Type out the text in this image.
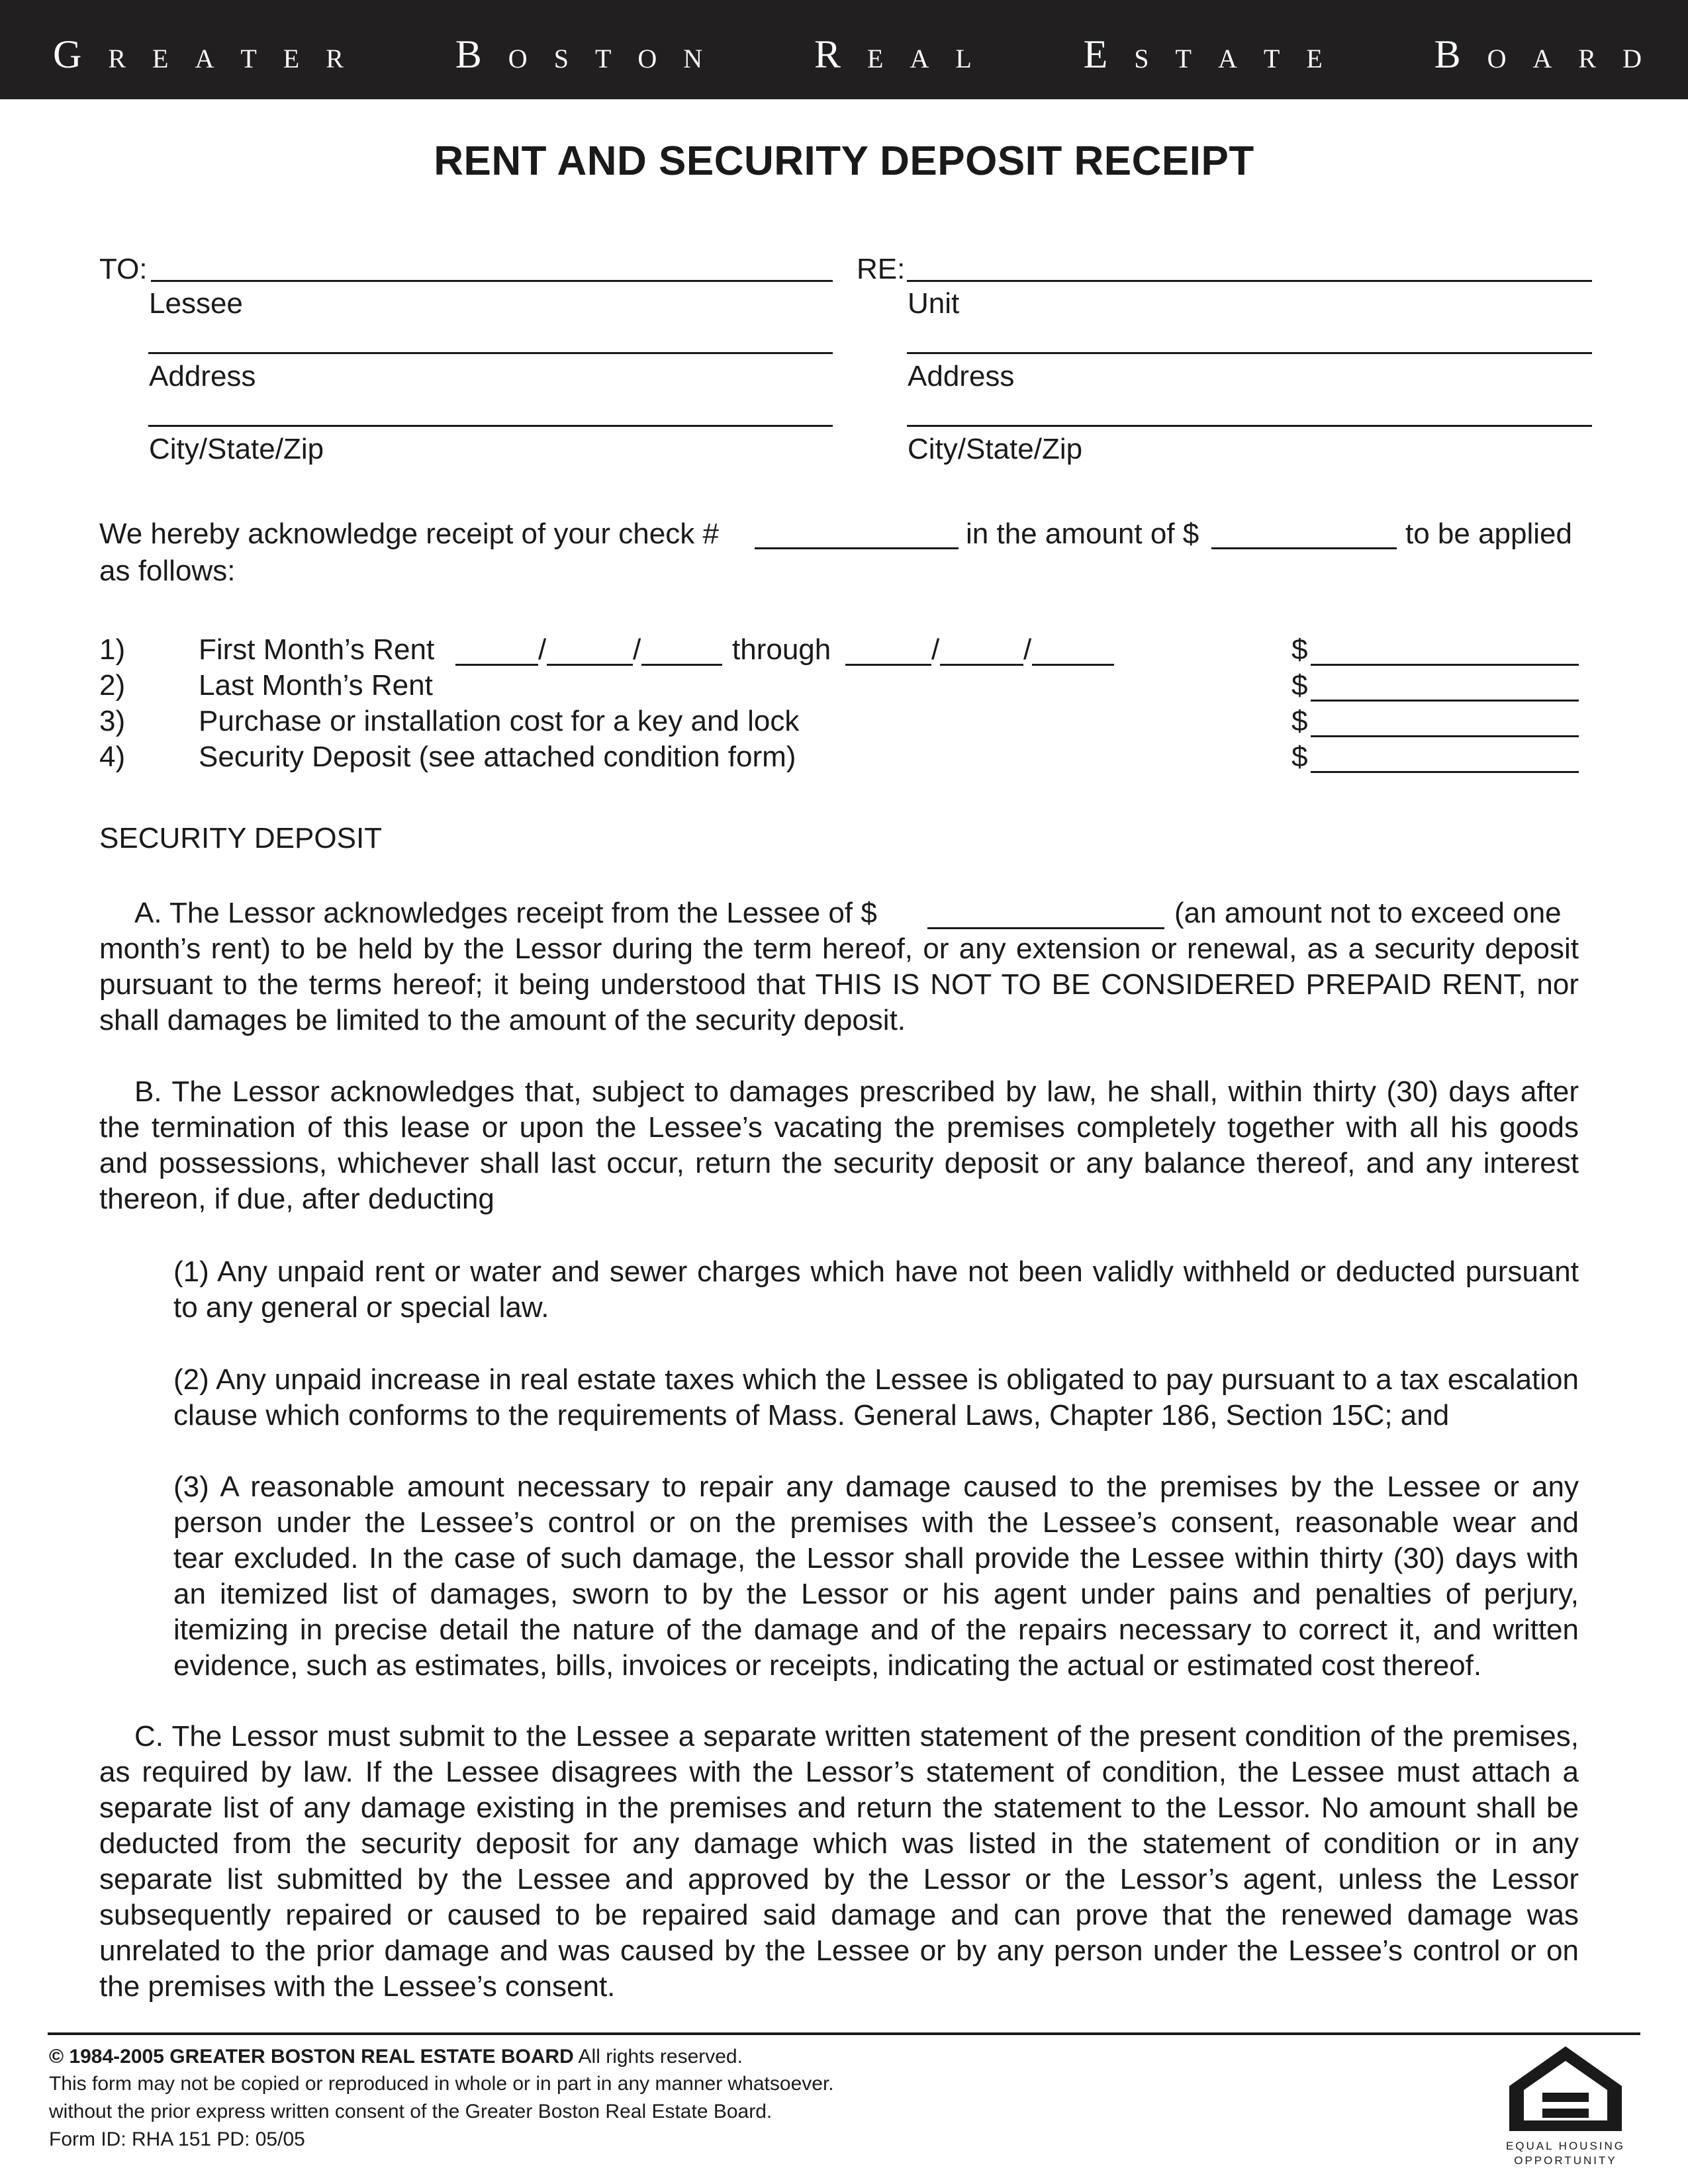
G R E A T E R	B O S T O N	R E A L	E S T A T E	B O A R D
RENT AND SECURITY DEPOSIT RECEIPT
TO:
Lessee
Address
City/State/Zip
RE:
Unit
Address
City/State/Zip
We hereby acknowledge receipt of your check #	in the amount of $	to be applied
as follows:
1)	First Month’s Rent	/	/	through	/	/	$
2)	Last Month’s Rent	$
3)	Purchase or installation cost for a key and lock	$
4)	Security Deposit (see attached condition form)	$
SECURITY DEPOSIT
A. The Lessor acknowledges receipt from the Lessee of $	(an amount not to exceed one
month’s rent) to be held by the Lessor during the term hereof, or any extension or renewal, as a security deposit
pursuant to the terms hereof; it being understood that THIS IS NOT TO BE CONSIDERED PREPAID RENT, nor
shall damages be limited to the amount of the security deposit.
B. The Lessor acknowledges that, subject to damages prescribed by law, he shall, within thirty (30) days after
the termination of this lease or upon the Lessee’s vacating the premises completely together with all his goods
and possessions, whichever shall last occur, return the security deposit or any balance thereof, and any interest
thereon, if due, after deducting
(1) Any unpaid rent or water and sewer charges which have not been validly withheld or deducted pursuant
to any general or special law.
(2) Any unpaid increase in real estate taxes which the Lessee is obligated to pay pursuant to a tax escalation
clause which conforms to the requirements of Mass. General Laws, Chapter 186, Section 15C; and
(3) A reasonable amount necessary to repair any damage caused to the premises by the Lessee or any
person under the Lessee’s control or on the premises with the Lessee’s consent, reasonable wear and
tear excluded. In the case of such damage, the Lessor shall provide the Lessee within thirty (30) days with
an itemized list of damages, sworn to by the Lessor or his agent under pains and penalties of perjury,
itemizing in precise detail the nature of the damage and of the repairs necessary to correct it, and written
evidence, such as estimates, bills, invoices or receipts, indicating the actual or estimated cost thereof.
C. The Lessor must submit to the Lessee a separate written statement of the present condition of the premises,
as required by law. If the Lessee disagrees with the Lessor’s statement of condition, the Lessee must attach a
separate list of any damage existing in the premises and return the statement to the Lessor. No amount shall be
deducted from the security deposit for any damage which was listed in the statement of condition or in any
separate list submitted by the Lessee and approved by the Lessor or the Lessor’s agent, unless the Lessor
subsequently repaired or caused to be repaired said damage and can prove that the renewed damage was
unrelated to the prior damage and was caused by the Lessee or by any person under the Lessee’s control or on
the premises with the Lessee’s consent.
© 1984-2005 GREATER BOSTON REAL ESTATE BOARD All rights reserved.
This form may not be copied or reproduced in whole or in part in any manner whatsoever.
without the prior express written consent of the Greater Boston Real Estate Board.
Form ID: RHA 151 PD: 05/05	EQUAL HOUSING
OPPORTUNITY
